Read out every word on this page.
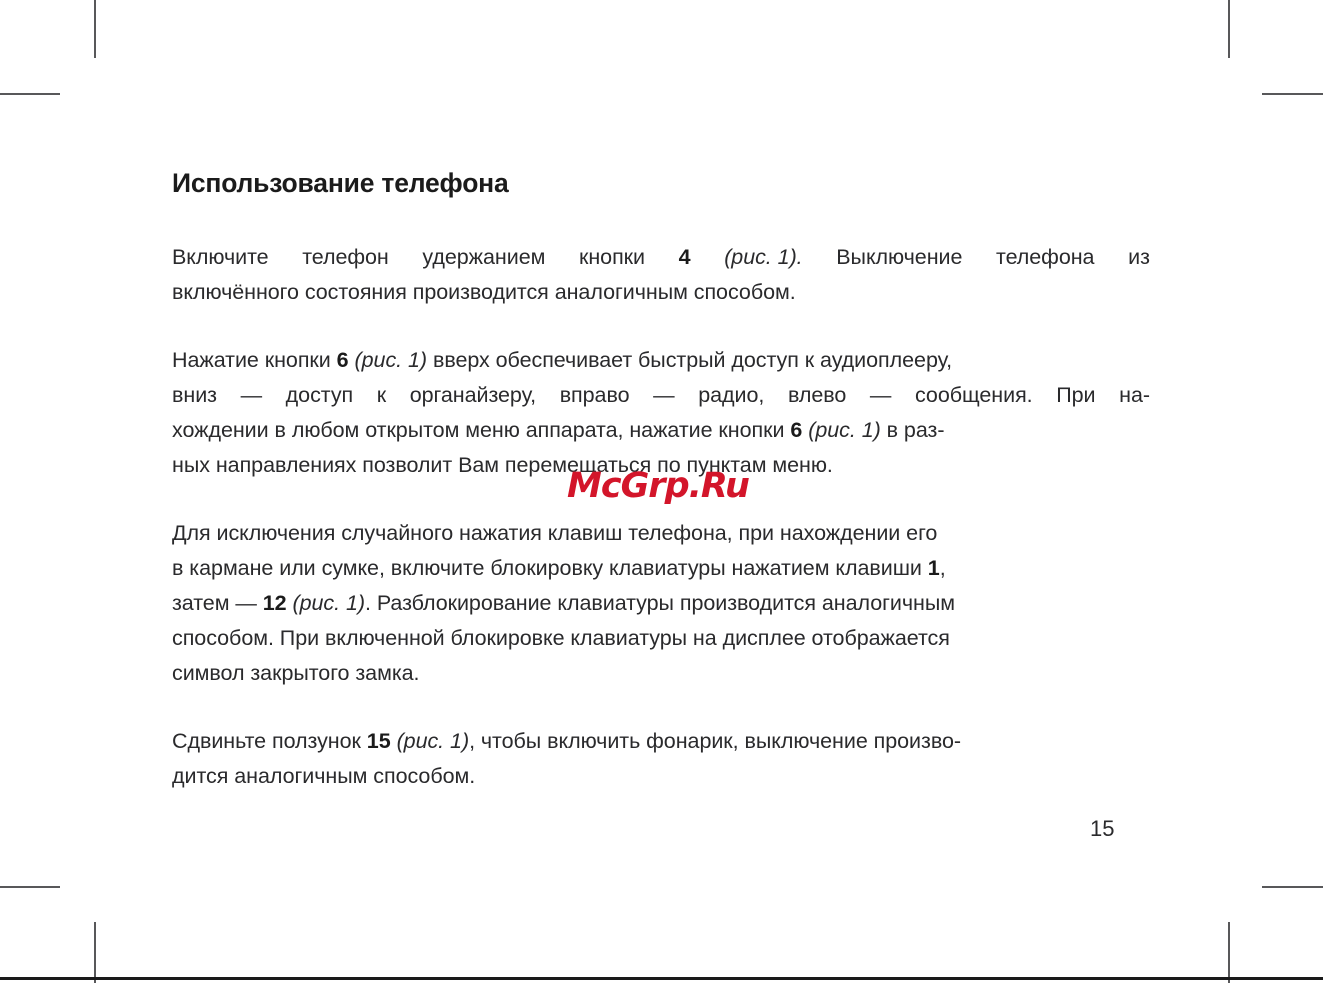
Использование телефона

Включите телефон удержанием кнопки 4 (рис. 1). Выключение телефона из
включённого состояния производится аналогичным способом.

Нажатие кнопки 6 (рис. 1) вверх обеспечивает быстрый доступ к аудиоплееру,
вниз — доступ к органайзеру, вправо — радио, влево — сообщения. При на-
хождении в любом открытом меню аппарата, нажатие кнопки 6 (рис. 1) в раз-
ных направлениях позволит Вам перемещаться по пунктам меню.

Для исключения случайного нажатия клавиш телефона, при нахождении его
в кармане или сумке, включите блокировку клавиатуры нажатием клавиши 1,
затем — 12 (рис. 1). Разблокирование клавиатуры производится аналогичным
способом. При включенной блокировке клавиатуры на дисплее отображается
символ закрытого замка.

Сдвиньте ползунок 15 (рис. 1), чтобы включить фонарик, выключение произво-
дится аналогичным способом.

15
McGrp.Ru
